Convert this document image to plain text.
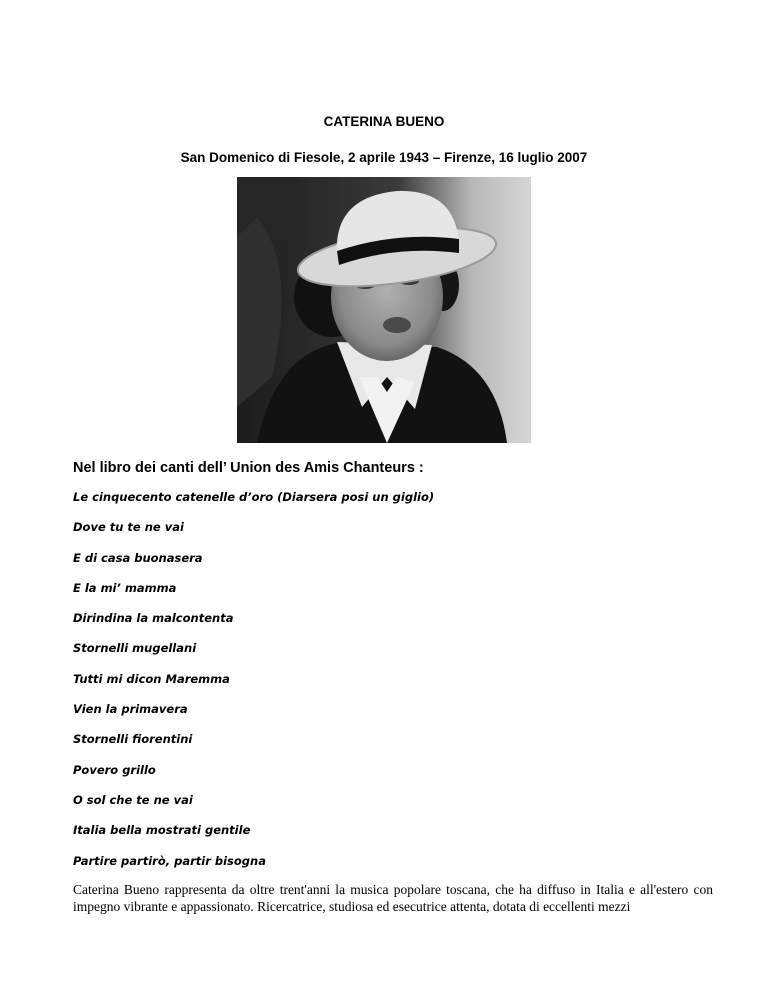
CATERINA BUENO
San Domenico di Fiesole, 2 aprile 1943 – Firenze, 16 luglio 2007
Nel libro dei canti dell’ Union des Amis Chanteurs :
Le cinquecento catenelle d’oro (Diarsera posi un giglio)
Dove tu te ne vai
E di casa buonasera
E la mi’ mamma
Dirindina la malcontenta
Stornelli mugellani
Tutti mi dicon Maremma
Vien la primavera
Stornelli fiorentini
Povero grillo
O sol che te ne vai
Italia bella mostrati gentile
Partire partirò, partir bisogna

Caterina Bueno rappresenta da oltre trent'anni la musica popolare toscana, che ha diffuso in Italia e all'estero con impegno vibrante e appassionato. Ricercatrice, studiosa ed esecutrice attenta, dotata di eccellenti mezzi
